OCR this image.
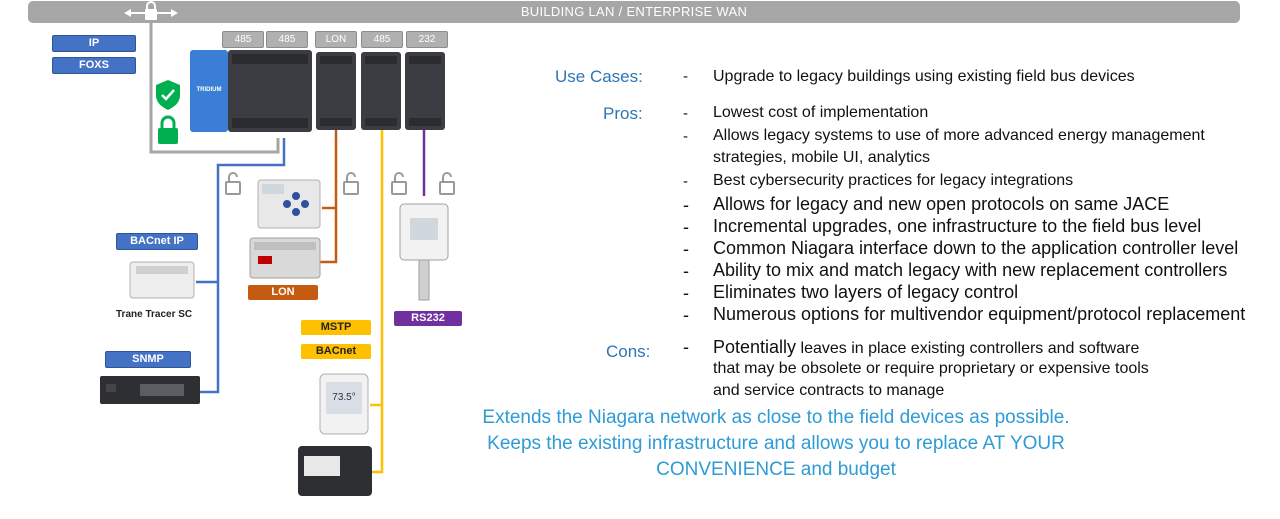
BUILDING LAN / ENTERPRISE WAN
TRIDIUM
73.5°
485	485	LON	485	232
IP
FOXS
BACnet IP
SNMP
LON
RS232
MSTP
BACnet
Trane Tracer SC
Use Cases:	- Upgrade to legacy buildings using existing field bus devices
Pros:	- Lowest cost of implementation
- Allows legacy systems to use of more advanced energy management
strategies, mobile UI, analytics
- Best cybersecurity practices for legacy integrations
- Allows for legacy and new open protocols on same JACE
- Incremental upgrades, one infrastructure to the field bus level
- Common Niagara interface down to the application controller level
- Ability to mix and match legacy with new replacement controllers
- Eliminates two layers of legacy control
- Numerous options for multivendor equipment/protocol replacement
Cons: - Potentially leaves in place existing controllers and software
that may be obsolete or require proprietary or expensive tools
and service contracts to manage
Extends the Niagara network as close to the field devices as possible.
Keeps the existing infrastructure and allows you to replace AT YOUR
CONVENIENCE and budget
